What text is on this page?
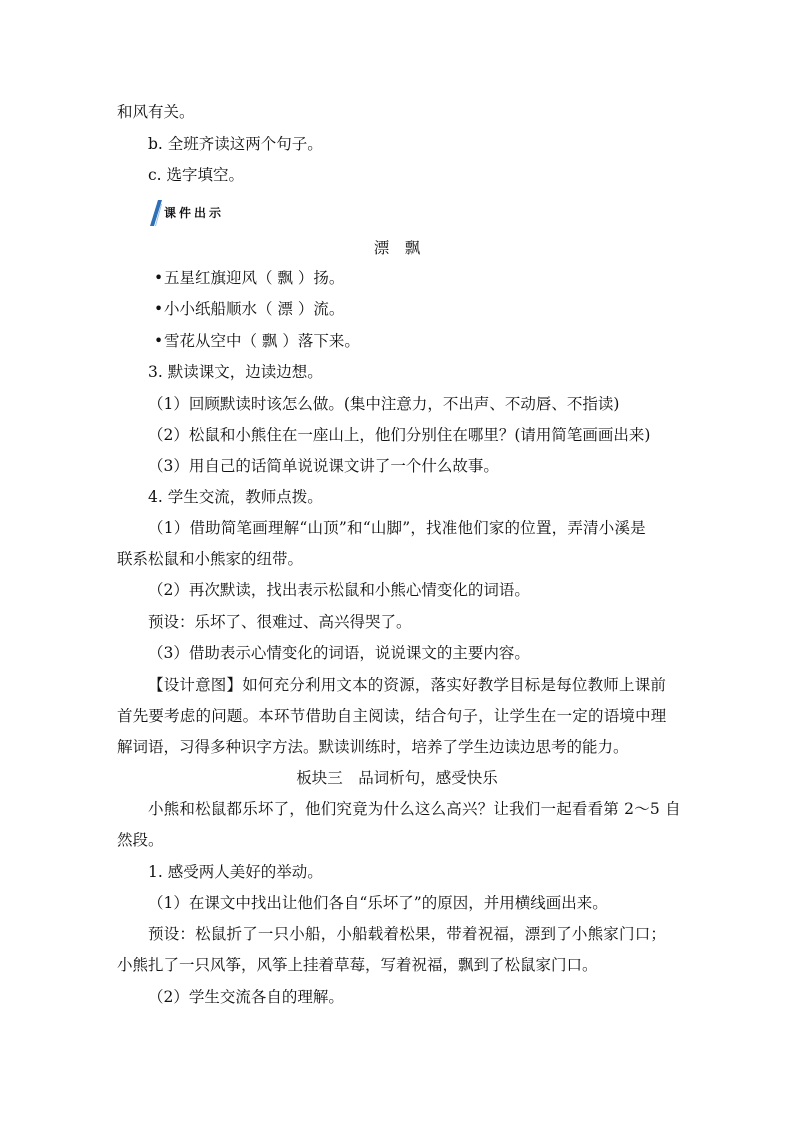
和风有关。
b. 全班齐读这两个句子。
c. 选字填空。
课件出示
漂　飘
•五星红旗迎风（ 飘 ）扬。
•小小纸船顺水（ 漂 ）流。
•雪花从空中（ 飘 ）落下来。
3. 默读课文，边读边想。
（1）回顾默读时该怎么做。(集中注意力，不出声、不动唇、不指读)
（2）松鼠和小熊住在一座山上，他们分别住在哪里？(请用简笔画画出来)
（3）用自己的话简单说说课文讲了一个什么故事。
4. 学生交流，教师点拨。
（1）借助简笔画理解“山顶”和“山脚”，找准他们家的位置，弄清小溪是
联系松鼠和小熊家的纽带。
（2）再次默读，找出表示松鼠和小熊心情变化的词语。
预设：乐坏了、很难过、高兴得哭了。
（3）借助表示心情变化的词语，说说课文的主要内容。
【设计意图】如何充分利用文本的资源，落实好教学目标是每位教师上课前
首先要考虑的问题。本环节借助自主阅读，结合句子，让学生在一定的语境中理
解词语，习得多种识字方法。默读训练时，培养了学生边读边思考的能力。
板块三　品词析句，感受快乐
小熊和松鼠都乐坏了，他们究竟为什么这么高兴？让我们一起看看第 2～5 自
然段。
1. 感受两人美好的举动。
（1）在课文中找出让他们各自“乐坏了”的原因，并用横线画出来。
预设：松鼠折了一只小船，小船载着松果，带着祝福，漂到了小熊家门口；
小熊扎了一只风筝，风筝上挂着草莓，写着祝福，飘到了松鼠家门口。
（2）学生交流各自的理解。
